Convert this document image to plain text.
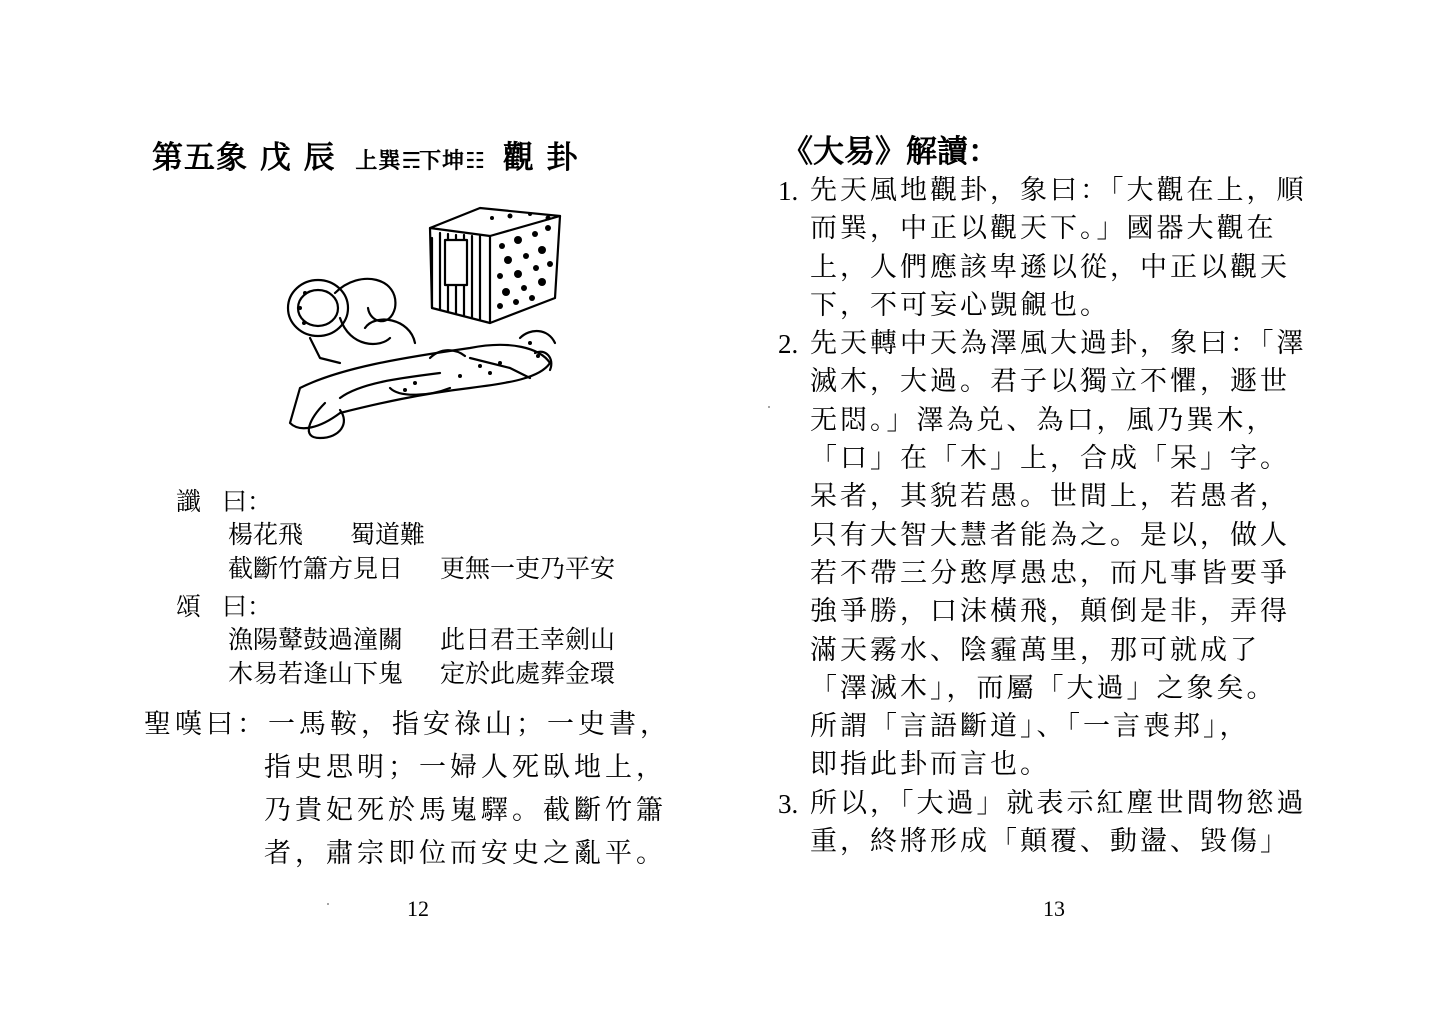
第五象 戊 辰 上巽☴下坤☷ 觀 卦
讖 曰：
楊花飛 蜀道難
截斷竹簫方見日 更無一吏乃平安
頌 曰：
漁陽鼙鼓過潼關 此日君王幸劍山
木易若逢山下鬼 定於此處葬金環
聖嘆曰：一馬鞍，指安祿山；一史書，
指史思明；一婦人死臥地上，
乃貴妃死於馬嵬驛。截斷竹簫
者，肅宗即位而安史之亂平。
12
《大易》解讀：
1. 先天風地觀卦，象曰：「大觀在上，順
而巽，中正以觀天下。」國器大觀在
上，人們應該卑遜以從，中正以觀天
下，不可妄心覬覦也。
2. 先天轉中天為澤風大過卦，象曰：「澤
滅木，大過。君子以獨立不懼，遯世
无悶。」澤為兑、為口，風乃巽木，
「口」在「木」上，合成「呆」字。
呆者，其貌若愚。世間上，若愚者，
只有大智大慧者能為之。是以，做人
若不帶三分憨厚愚忠，而凡事皆要爭
強爭勝，口沫橫飛，顛倒是非，弄得
滿天霧水、陰霾萬里，那可就成了
「澤滅木」，而屬「大過」之象矣。
所謂「言語斷道」、「一言喪邦」，
即指此卦而言也。
3. 所以，「大過」就表示紅塵世間物慾過
重，終將形成「顛覆、動盪、毀傷」
13
